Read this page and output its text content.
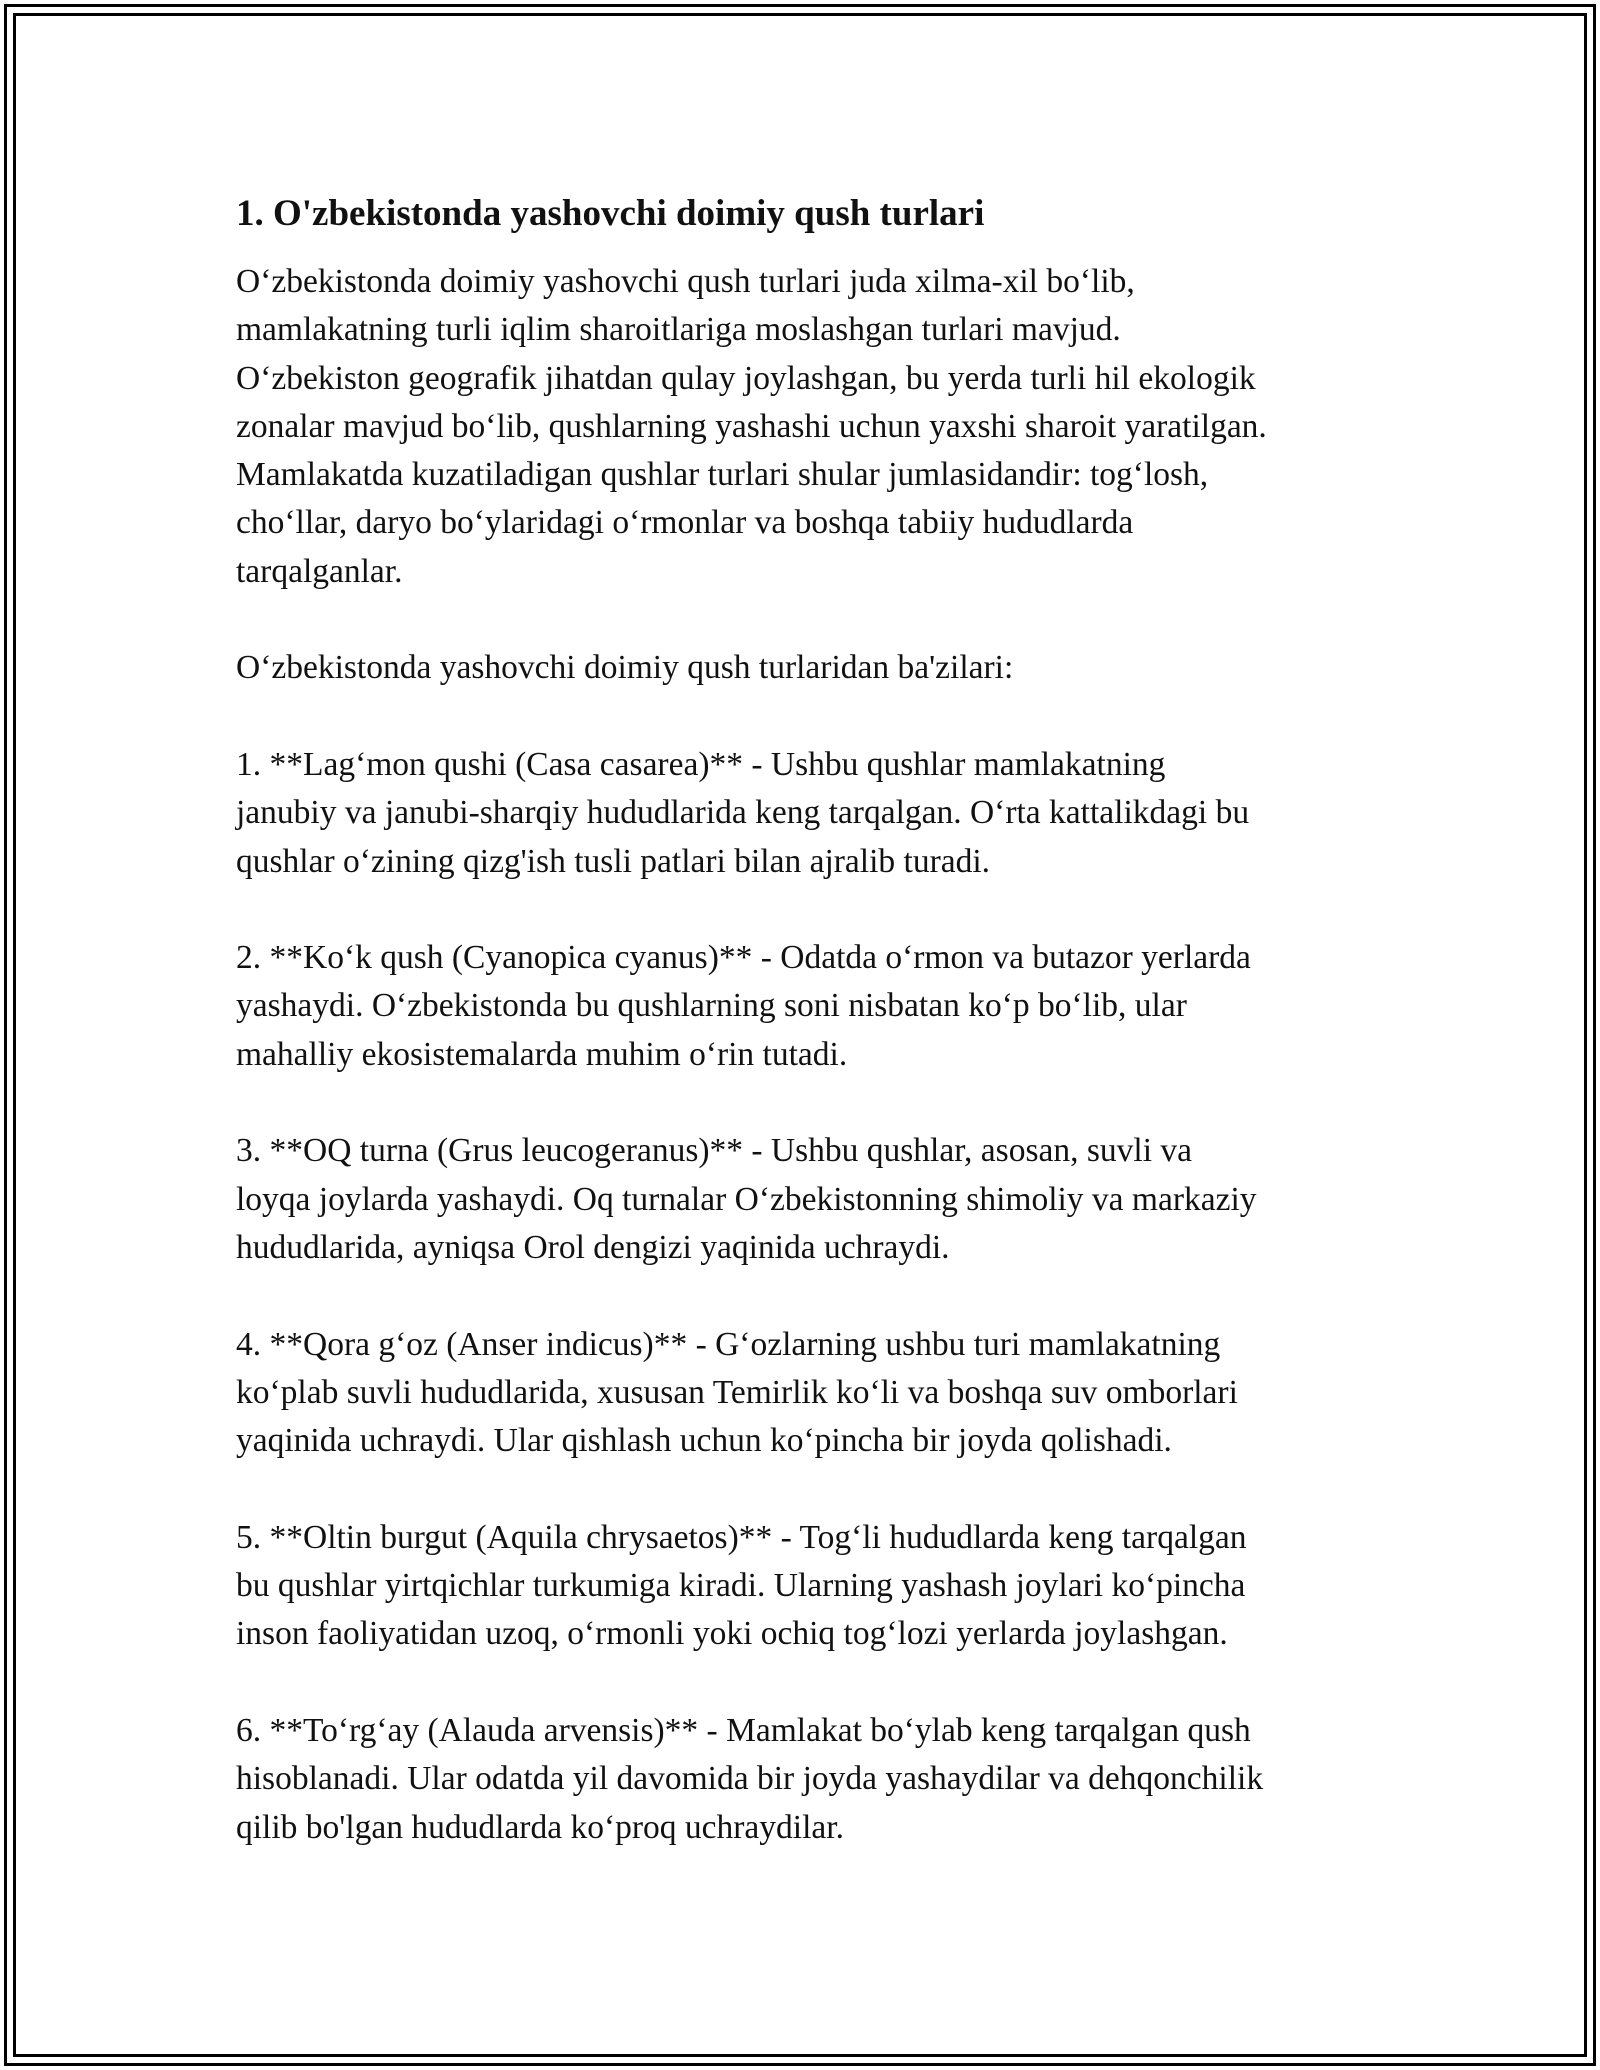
1. O'zbekistonda yashovchi doimiy qush turlari
O‘zbekistonda doimiy yashovchi qush turlari juda xilma-xil bo‘lib,
mamlakatning turli iqlim sharoitlariga moslashgan turlari mavjud.
O‘zbekiston geografik jihatdan qulay joylashgan, bu yerda turli hil ekologik
zonalar mavjud bo‘lib, qushlarning yashashi uchun yaxshi sharoit yaratilgan.
Mamlakatda kuzatiladigan qushlar turlari shular jumlasidandir: tog‘losh,
cho‘llar, daryo bo‘ylaridagi o‘rmonlar va boshqa tabiiy hududlarda
tarqalganlar.
O‘zbekistonda yashovchi doimiy qush turlaridan ba'zilari:
1. **Lag‘mon qushi (Casa casarea)** - Ushbu qushlar mamlakatning
janubiy va janubi-sharqiy hududlarida keng tarqalgan. O‘rta kattalikdagi bu
qushlar o‘zining qizg'ish tusli patlari bilan ajralib turadi.
2. **Ko‘k qush (Cyanopica cyanus)** - Odatda o‘rmon va butazor yerlarda
yashaydi. O‘zbekistonda bu qushlarning soni nisbatan ko‘p bo‘lib, ular
mahalliy ekosistemalarda muhim o‘rin tutadi.
3. **OQ turna (Grus leucogeranus)** - Ushbu qushlar, asosan, suvli va
loyqa joylarda yashaydi. Oq turnalar O‘zbekistonning shimoliy va markaziy
hududlarida, ayniqsa Orol dengizi yaqinida uchraydi.
4. **Qora g‘oz (Anser indicus)** - G‘ozlarning ushbu turi mamlakatning
ko‘plab suvli hududlarida, xususan Temirlik ko‘li va boshqa suv omborlari
yaqinida uchraydi. Ular qishlash uchun ko‘pincha bir joyda qolishadi.
5. **Oltin burgut (Aquila chrysaetos)** - Tog‘li hududlarda keng tarqalgan
bu qushlar yirtqichlar turkumiga kiradi. Ularning yashash joylari ko‘pincha
inson faoliyatidan uzoq, o‘rmonli yoki ochiq tog‘lozi yerlarda joylashgan.
6. **To‘rg‘ay (Alauda arvensis)** - Mamlakat bo‘ylab keng tarqalgan qush
hisoblanadi. Ular odatda yil davomida bir joyda yashaydilar va dehqonchilik
qilib bo'lgan hududlarda ko‘proq uchraydilar.
